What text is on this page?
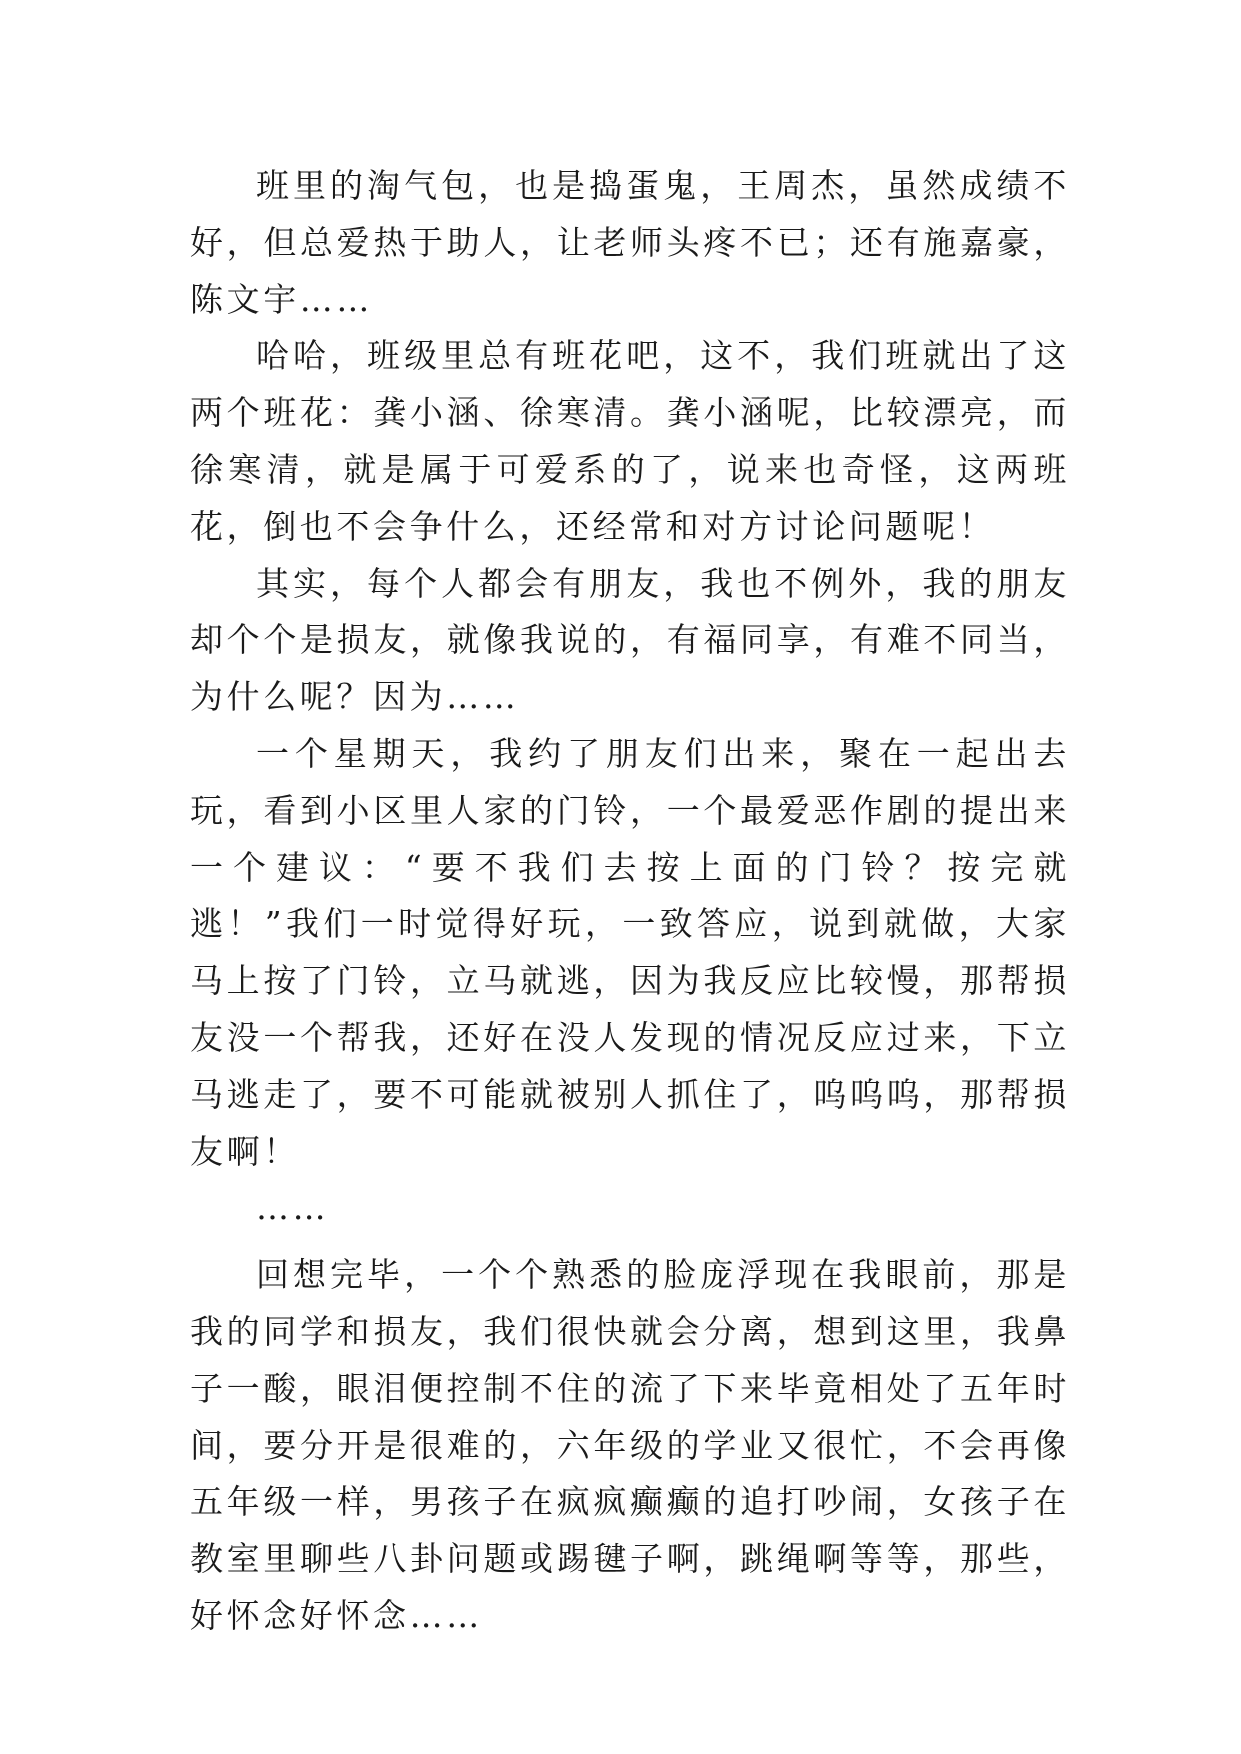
班里的淘气包，也是捣蛋鬼，王周杰，虽然成绩不好，但总爱热于助人，让老师头疼不已；还有施嘉豪，陈文宇……

哈哈，班级里总有班花吧，这不，我们班就出了这两个班花：龚小涵、徐寒清。龚小涵呢，比较漂亮，而徐寒清，就是属于可爱系的了，说来也奇怪，这两班花，倒也不会争什么，还经常和对方讨论问题呢！

其实，每个人都会有朋友，我也不例外，我的朋友却个个是损友，就像我说的，有福同享，有难不同当，为什么呢？因为……

一个星期天，我约了朋友们出来，聚在一起出去玩，看到小区里人家的门铃，一个最爱恶作剧的提出来一个建议：“要不我们去按上面的门铃？按完就逃！”我们一时觉得好玩，一致答应，说到就做，大家马上按了门铃，立马就逃，因为我反应比较慢，那帮损友没一个帮我，还好在没人发现的情况反应过来，下立马逃走了，要不可能就被别人抓住了，呜呜呜，那帮损友啊！

……

回想完毕，一个个熟悉的脸庞浮现在我眼前，那是我的同学和损友，我们很快就会分离，想到这里，我鼻子一酸，眼泪便控制不住的流了下来毕竟相处了五年时间，要分开是很难的，六年级的学业又很忙，不会再像五年级一样，男孩子在疯疯癫癫的追打吵闹，女孩子在教室里聊些八卦问题或踢毽子啊，跳绳啊等等，那些，好怀念好怀念……
